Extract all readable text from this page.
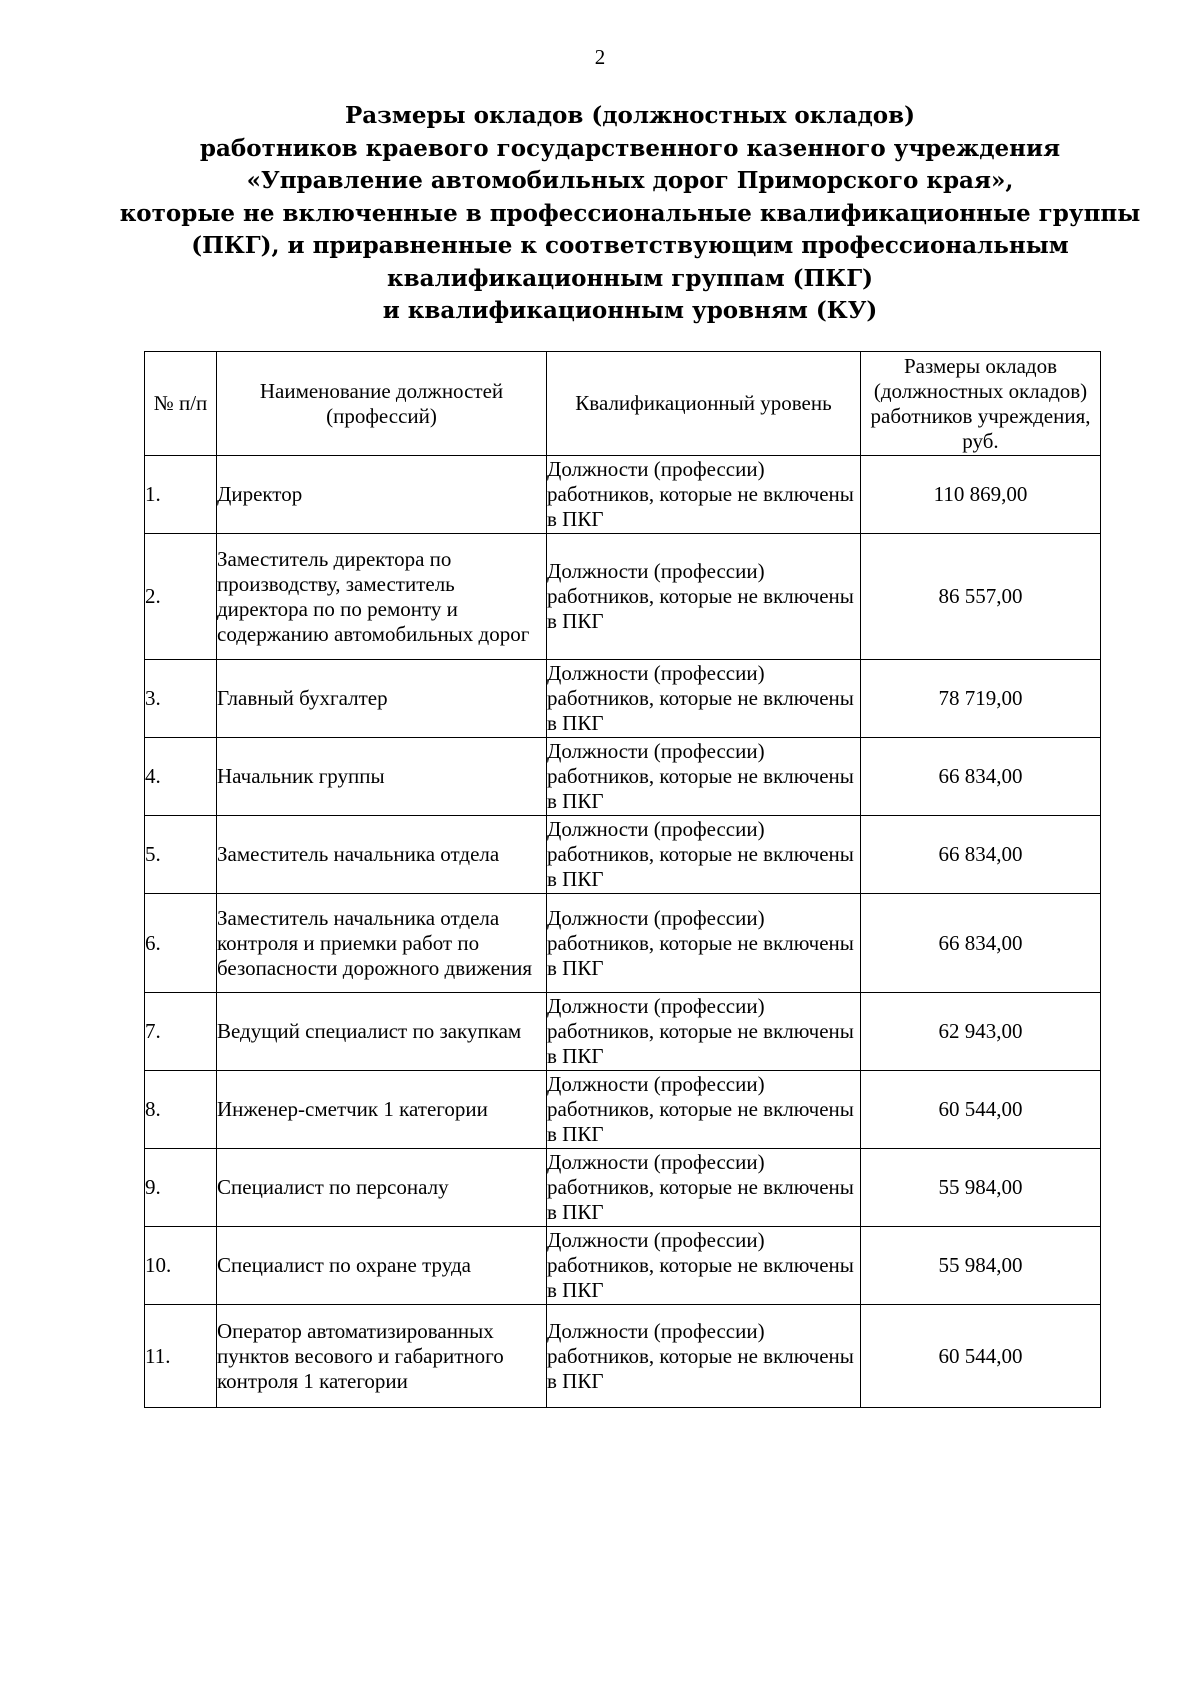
2
Размеры окладов (должностных окладов)
работников краевого государственного казенного учреждения
«Управление автомобильных дорог Приморского края»,
которые не включенные в профессиональные квалификационные группы
(ПКГ), и приравненные к соответствующим профессиональным
квалификационным группам (ПКГ)
и квалификационным уровням (КУ)
№ п/п	Наименование должностей (профессий)	Квалификационный уровень	Размеры окладов (должностных окладов) работников учреждения, руб.
1.	Директор	Должности (профессии) работников, которые не включены в ПКГ	110 869,00
2.	Заместитель директора по производству, заместитель директора по по ремонту и содержанию автомобильных дорог	Должности (профессии) работников, которые не включены в ПКГ	86 557,00
3.	Главный бухгалтер	Должности (профессии) работников, которые не включены в ПКГ	78 719,00
4.	Начальник группы	Должности (профессии) работников, которые не включены в ПКГ	66 834,00
5.	Заместитель начальника отдела	Должности (профессии) работников, которые не включены в ПКГ	66 834,00
6.	Заместитель начальника отдела контроля и приемки работ по безопасности дорожного движения	Должности (профессии) работников, которые не включены в ПКГ	66 834,00
7.	Ведущий специалист по закупкам	Должности (профессии) работников, которые не включены в ПКГ	62 943,00
8.	Инженер-сметчик 1 категории	Должности (профессии) работников, которые не включены в ПКГ	60 544,00
9.	Специалист по персоналу	Должности (профессии) работников, которые не включены в ПКГ	55 984,00
10.	Специалист по охране труда	Должности (профессии) работников, которые не включены в ПКГ	55 984,00
11.	Оператор автоматизированных пунктов весового и габаритного контроля 1 категории	Должности (профессии) работников, которые не включены в ПКГ	60 544,00
